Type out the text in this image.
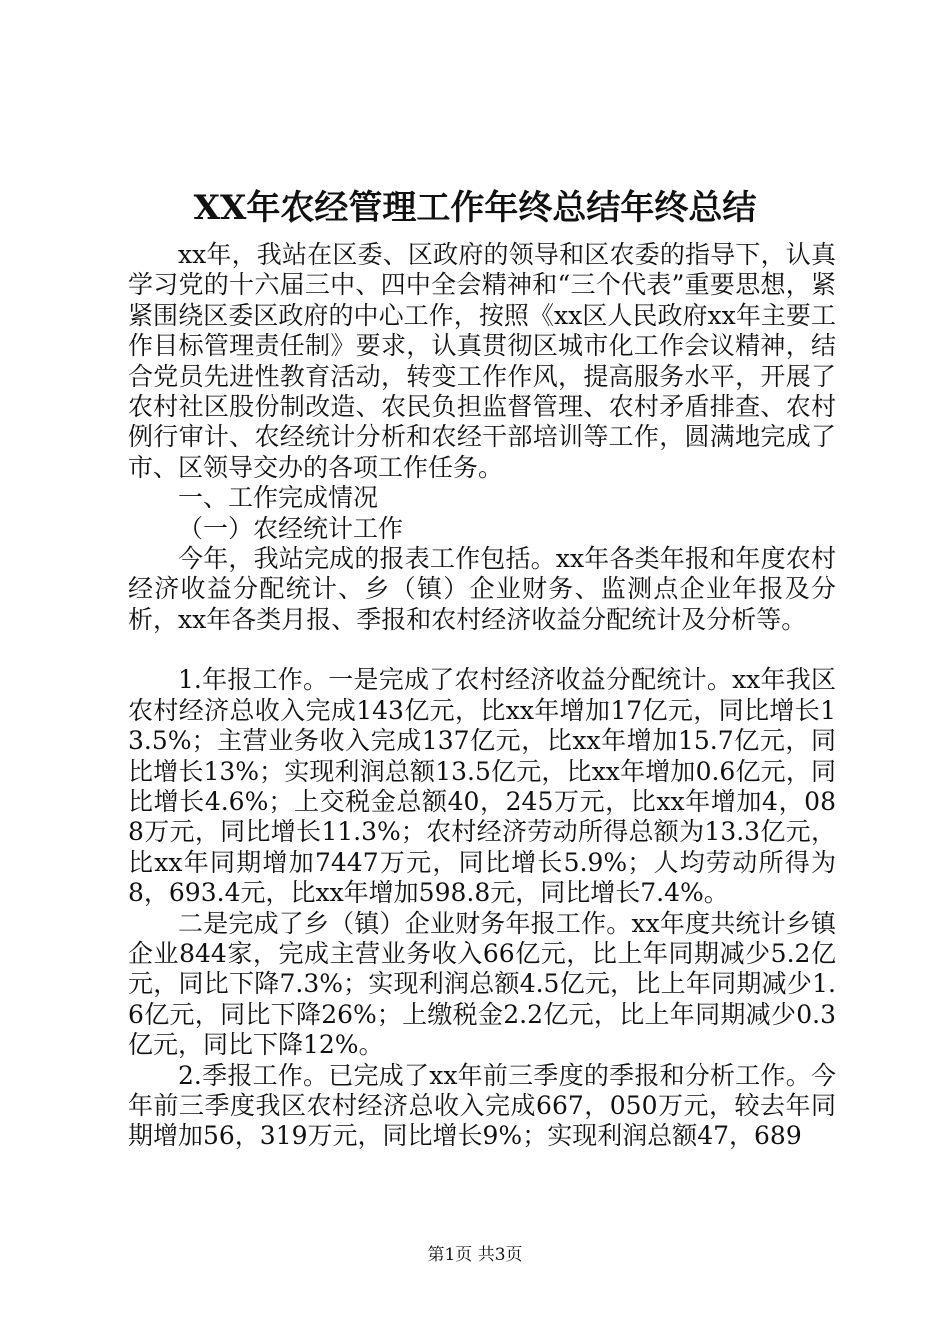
XX年农经管理工作年终总结年终总结

xx年，我站在区委、区政府的领导和区农委的指导下，认真学习党的十六届三中、四中全会精神和“三个代表”重要思想，紧紧围绕区委区政府的中心工作，按照《xx区人民政府xx年主要工作目标管理责任制》要求，认真贯彻区城市化工作会议精神，结合党员先进性教育活动，转变工作作风，提高服务水平，开展了农村社区股份制改造、农民负担监督管理、农村矛盾排查、农村例行审计、农经统计分析和农经干部培训等工作，圆满地完成了市、区领导交办的各项工作任务。

一、工作完成情况

（一）农经统计工作

今年，我站完成的报表工作包括。xx年各类年报和年度农村经济收益分配统计、乡（镇）企业财务、监测点企业年报及分析，xx年各类月报、季报和农村经济收益分配统计及分析等。

1.年报工作。一是完成了农村经济收益分配统计。xx年我区农村经济总收入完成143亿元，比xx年增加17亿元，同比增长13.5%；主营业务收入完成137亿元，比xx年增加15.7亿元，同比增长13%；实现利润总额13.5亿元，比xx年增加0.6亿元，同比增长4.6%；上交税金总额40，245万元，比xx年增加4，088万元，同比增长11.3%；农村经济劳动所得总额为13.3亿元，比xx年同期增加7447万元，同比增长5.9%；人均劳动所得为8，693.4元，比xx年增加598.8元，同比增长7.4%。

二是完成了乡（镇）企业财务年报工作。xx年度共统计乡镇企业844家，完成主营业务收入66亿元，比上年同期减少5.2亿元，同比下降7.3%；实现利润总额4.5亿元，比上年同期减少1.6亿元，同比下降26%；上缴税金2.2亿元，比上年同期减少0.3亿元，同比下降12%。

2.季报工作。已完成了xx年前三季度的季报和分析工作。今年前三季度我区农村经济总收入完成667，050万元，较去年同期增加56，319万元，同比增长9%；实现利润总额47，689

第1页 共3页
